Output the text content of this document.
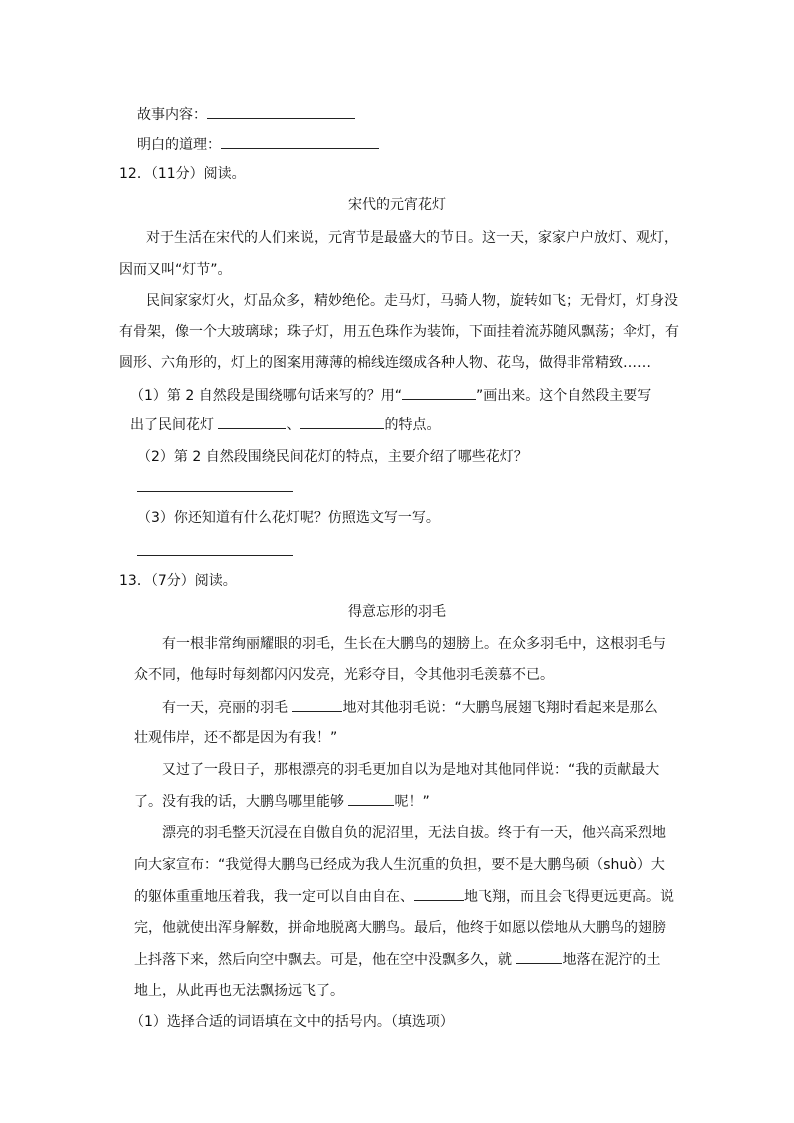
故事内容：
明白的道理：
12．（11分）阅读。
宋代的元宵花灯
对于生活在宋代的人们来说，元宵节是最盛大的节日。这一天，家家户户放灯、观灯，
因而又叫“灯节”。
民间家家灯火，灯品众多，精妙绝伦。走马灯，马骑人物，旋转如飞；无骨灯，灯身没
有骨架，像一个大玻璃球；珠子灯，用五色珠作为装饰，下面挂着流苏随风飘荡；伞灯，有
圆形、六角形的，灯上的图案用薄薄的棉线连缀成各种人物、花鸟，做得非常精致……
（1）第 2 自然段是围绕哪句话来写的？用“	”画出来。这个自然段主要写
出了民间花灯	、	的特点。
（2）第 2 自然段围绕民间花灯的特点，主要介绍了哪些花灯？
（3）你还知道有什么花灯呢？仿照选文写一写。
13．（7分）阅读。
得意忘形的羽毛
有一根非常绚丽耀眼的羽毛，生长在大鹏鸟的翅膀上。在众多羽毛中，这根羽毛与
众不同，他每时每刻都闪闪发亮，光彩夺目，令其他羽毛羡慕不已。
有一天，亮丽的羽毛	地对其他羽毛说：“大鹏鸟展翅飞翔时看起来是那么
壮观伟岸，还不都是因为有我！”
又过了一段日子，那根漂亮的羽毛更加自以为是地对其他同伴说：“我的贡献最大
了。没有我的话，大鹏鸟哪里能够	呢！”
漂亮的羽毛整天沉浸在自傲自负的泥沼里，无法自拔。终于有一天，他兴高采烈地
向大家宣布：“我觉得大鹏鸟已经成为我人生沉重的负担，要不是大鹏鸟硕（shuò）大
的躯体重重地压着我，我一定可以自由自在、	地飞翔，而且会飞得更远更高。说
完，他就使出浑身解数，拼命地脱离大鹏鸟。最后，他终于如愿以偿地从大鹏鸟的翅膀
上抖落下来，然后向空中飘去。可是，他在空中没飘多久，就	地落在泥泞的土
地上，从此再也无法飘扬远飞了。
（1）选择合适的词语填在文中的括号内。（填选项）
